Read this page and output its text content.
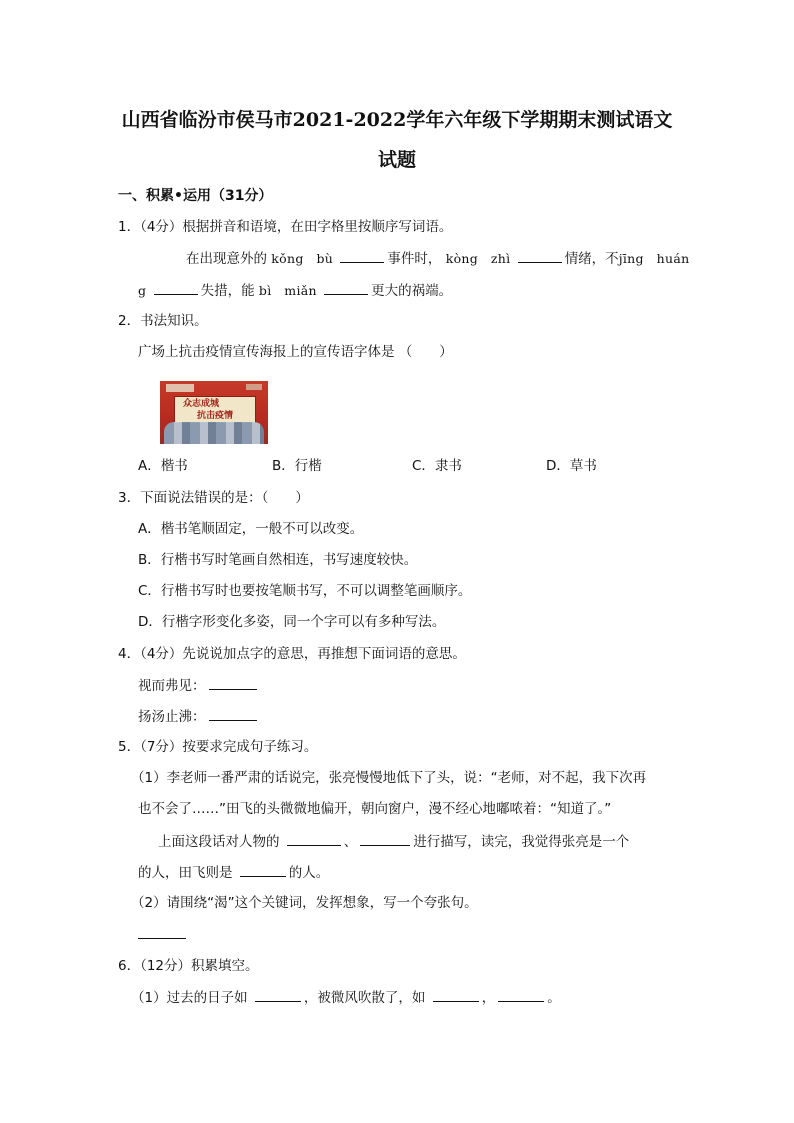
山西省临汾市侯马市2021-2022学年六年级下学期期末测试语文
试题
一、积累•运用（31分）
1．（4分）根据拼音和语境，在田字格里按顺序写词语。
在出现意外的 kǒng　bù	事件时， kòng　zhì	情绪，不jīng　huán
g	失措，能 bì　miǎn	更大的祸端。
2．书法知识。
广场上抗击疫情宣传海报上的宣传语字体是 （　　）
众志成城
抗击疫情
A．楷书	B．行楷	C．隶书	D．草书
3．下面说法错误的是：（　　）
A．楷书笔顺固定，一般不可以改变。
B．行楷书写时笔画自然相连，书写速度较快。
C．行楷书写时也要按笔顺书写，不可以调整笔画顺序。
D．行楷字形变化多姿，同一个字可以有多种写法。
4．（4分）先说说加点字的意思，再推想下面词语的意思。
视而弗见：
扬汤止沸：
5．（7分）按要求完成句子练习。
（1）李老师一番严肃的话说完，张亮慢慢地低下了头，说：“老师，对不起，我下次再
也不会了……”田飞的头微微地偏开，朝向窗户，漫不经心地嘟哝着：“知道了。”
上面这段话对人物的	、	进行描写，读完，我觉得张亮是一个
的人，田飞则是	的人。
（2）请围绕“渴”这个关键词，发挥想象，写一个夸张句。
6．（12分）积累填空。
（1）过去的日子如	，被微风吹散了，如	，	。
